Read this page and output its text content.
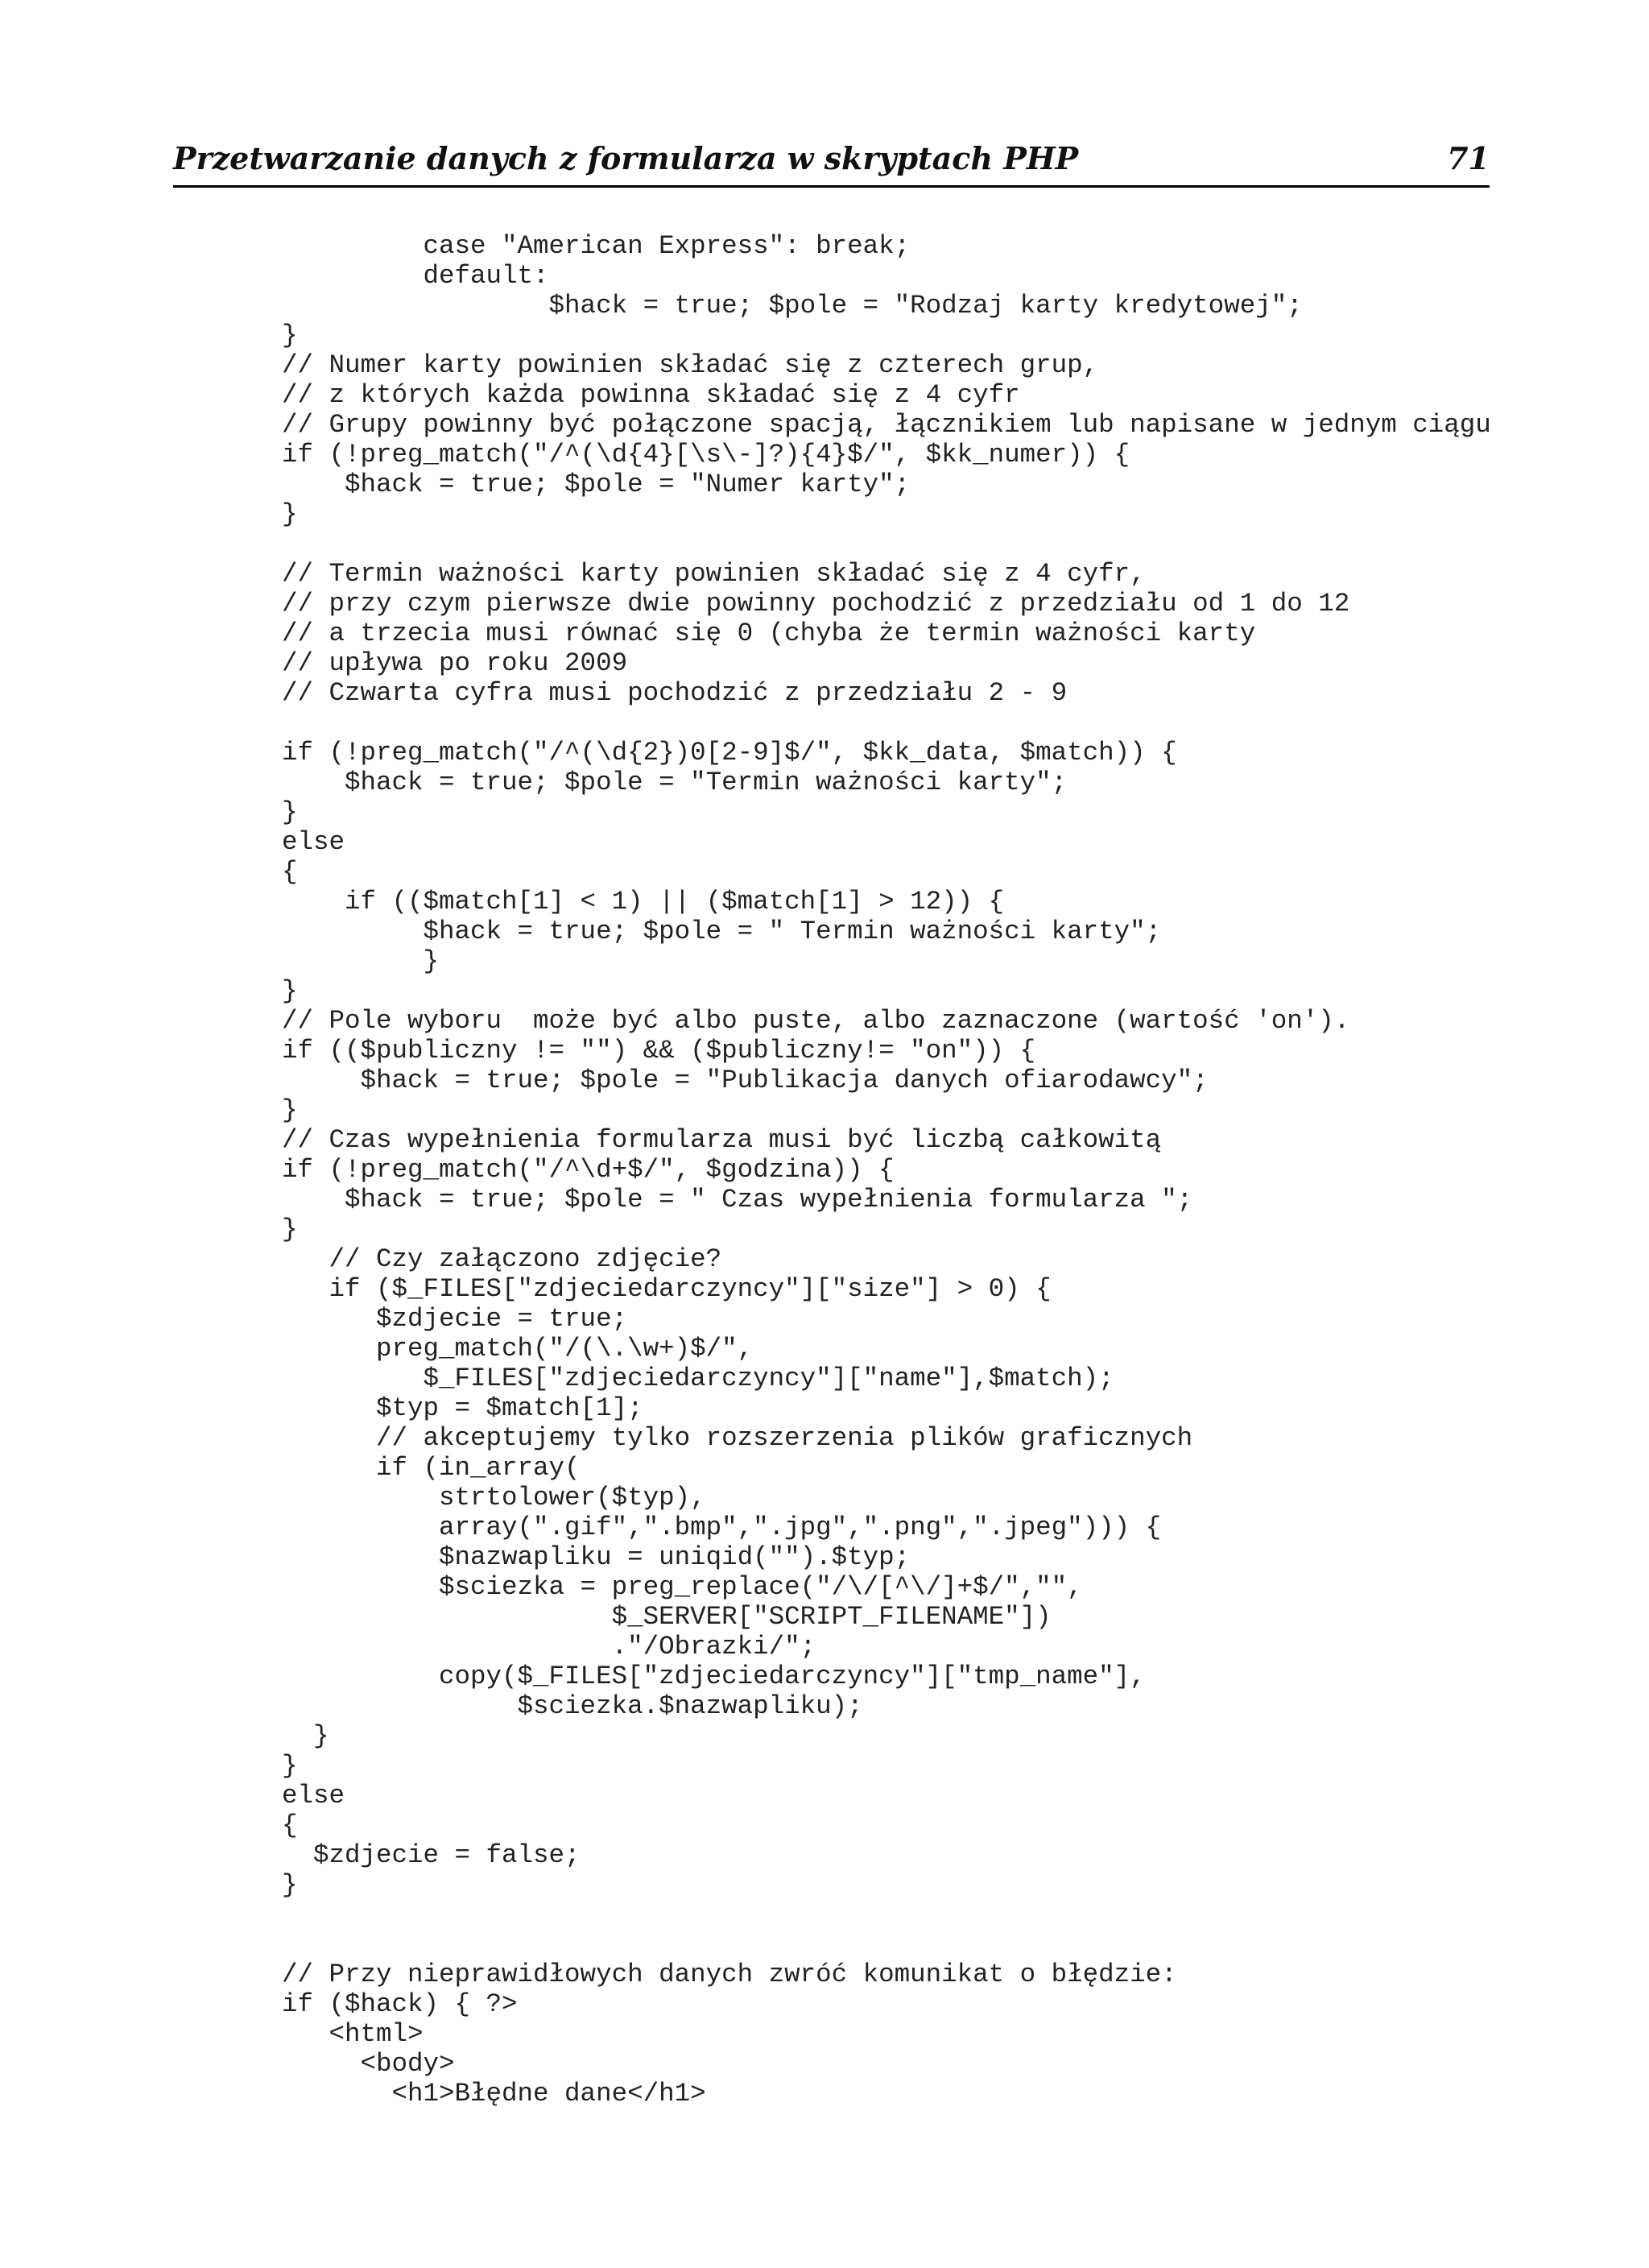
Przetwarzanie danych z formularza w skryptach PHP	71
case "American Express": break;
default:
$hack = true; $pole = "Rodzaj karty kredytowej";
}
// Numer karty powinien składać się z czterech grup,
// z których każda powinna składać się z 4 cyfr
// Grupy powinny być połączone spacją, łącznikiem lub napisane w jednym ciągu
if (!preg_match("/^(\d{4}[\s\-]?){4}$/", $kk_numer)) {
$hack = true; $pole = "Numer karty";
}
// Termin ważności karty powinien składać się z 4 cyfr,
// przy czym pierwsze dwie powinny pochodzić z przedziału od 1 do 12
// a trzecia musi równać się 0 (chyba że termin ważności karty
// upływa po roku 2009
// Czwarta cyfra musi pochodzić z przedziału 2 - 9
if (!preg_match("/^(\d{2})0[2-9]$/", $kk_data, $match)) {
$hack = true; $pole = "Termin ważności karty";
}
else
{
if (($match[1] < 1) || ($match[1] > 12)) {
$hack = true; $pole = " Termin ważności karty";
}
}
// Pole wyboru  może być albo puste, albo zaznaczone (wartość 'on').
if (($publiczny != "") && ($publiczny!= "on")) {
$hack = true; $pole = "Publikacja danych ofiarodawcy";
}
// Czas wypełnienia formularza musi być liczbą całkowitą
if (!preg_match("/^\d+$/", $godzina)) {
$hack = true; $pole = " Czas wypełnienia formularza ";
}
// Czy załączono zdjęcie?
if ($_FILES["zdjeciedarczyncy"]["size"] > 0) {
$zdjecie = true;
preg_match("/(\.\w+)$/",
$_FILES["zdjeciedarczyncy"]["name"],$match);
$typ = $match[1];
// akceptujemy tylko rozszerzenia plików graficznych
if (in_array(
strtolower($typ),
array(".gif",".bmp",".jpg",".png",".jpeg"))) {
$nazwapliku = uniqid("").$typ;
$sciezka = preg_replace("/\/[^\/]+$/","",
$_SERVER["SCRIPT_FILENAME"])
."/Obrazki/";
copy($_FILES["zdjeciedarczyncy"]["tmp_name"],
$sciezka.$nazwapliku);
}
}
else
{
$zdjecie = false;
}
// Przy nieprawidłowych danych zwróć komunikat o błędzie:
if ($hack) { ?>
<html>
<body>
<h1>Błędne dane</h1>
